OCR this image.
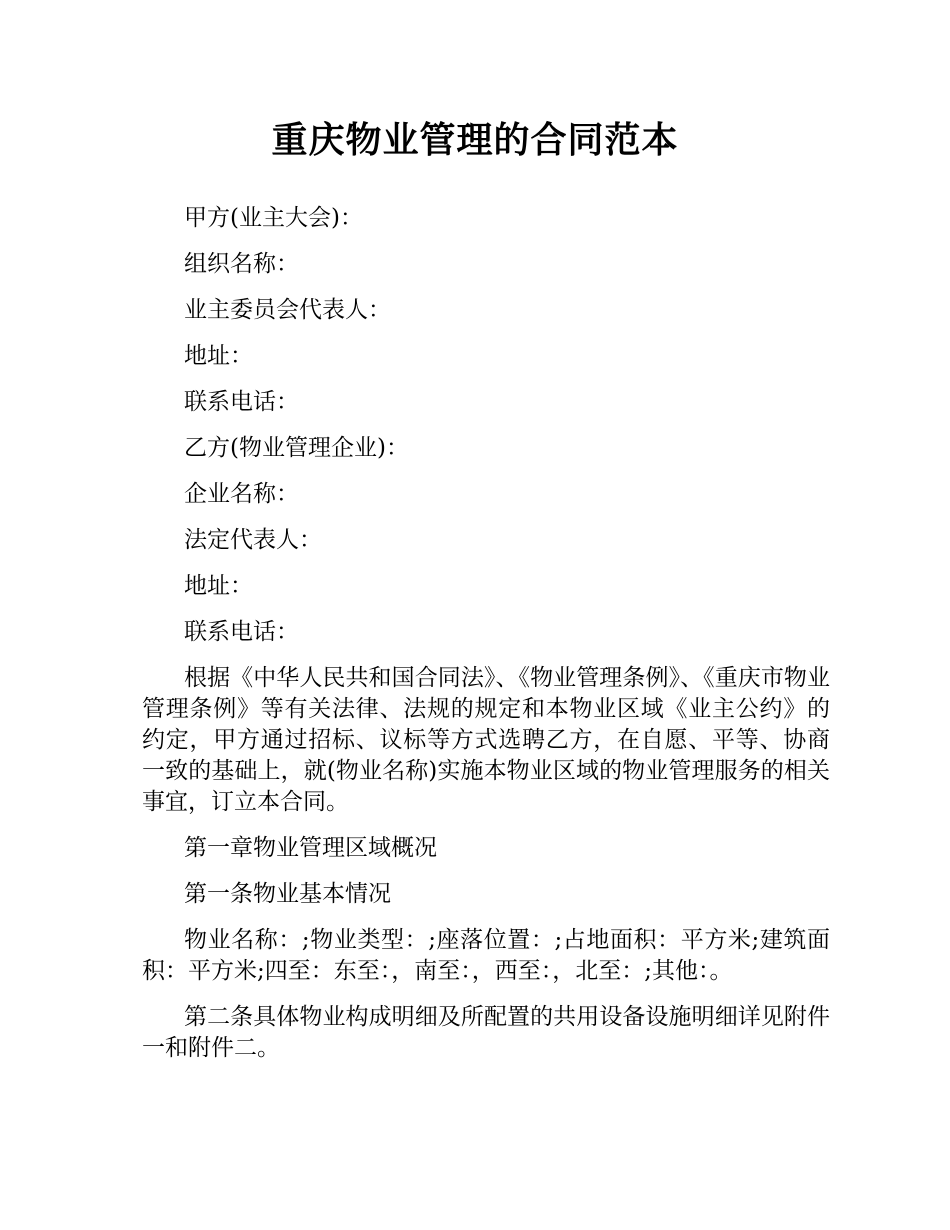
重庆物业管理的合同范本

甲方(业主大会)：

组织名称：

业主委员会代表人：

地址：

联系电话：

乙方(物业管理企业)：

企业名称：

法定代表人：

地址：

联系电话：

根据《中华人民共和国合同法》、《物业管理条例》、《重庆市物业管理条例》等有关法律、法规的规定和本物业区域《业主公约》的约定，甲方通过招标、议标等方式选聘乙方，在自愿、平等、协商一致的基础上，就(物业名称)实施本物业区域的物业管理服务的相关事宜，订立本合同。

第一章物业管理区域概况

第一条物业基本情况

物业名称：;物业类型：;座落位置：;占地面积：平方米;建筑面积：平方米;四至：东至：，南至：，西至：，北至：;其他：。

第二条具体物业构成明细及所配置的共用设备设施明细详见附件一和附件二。
